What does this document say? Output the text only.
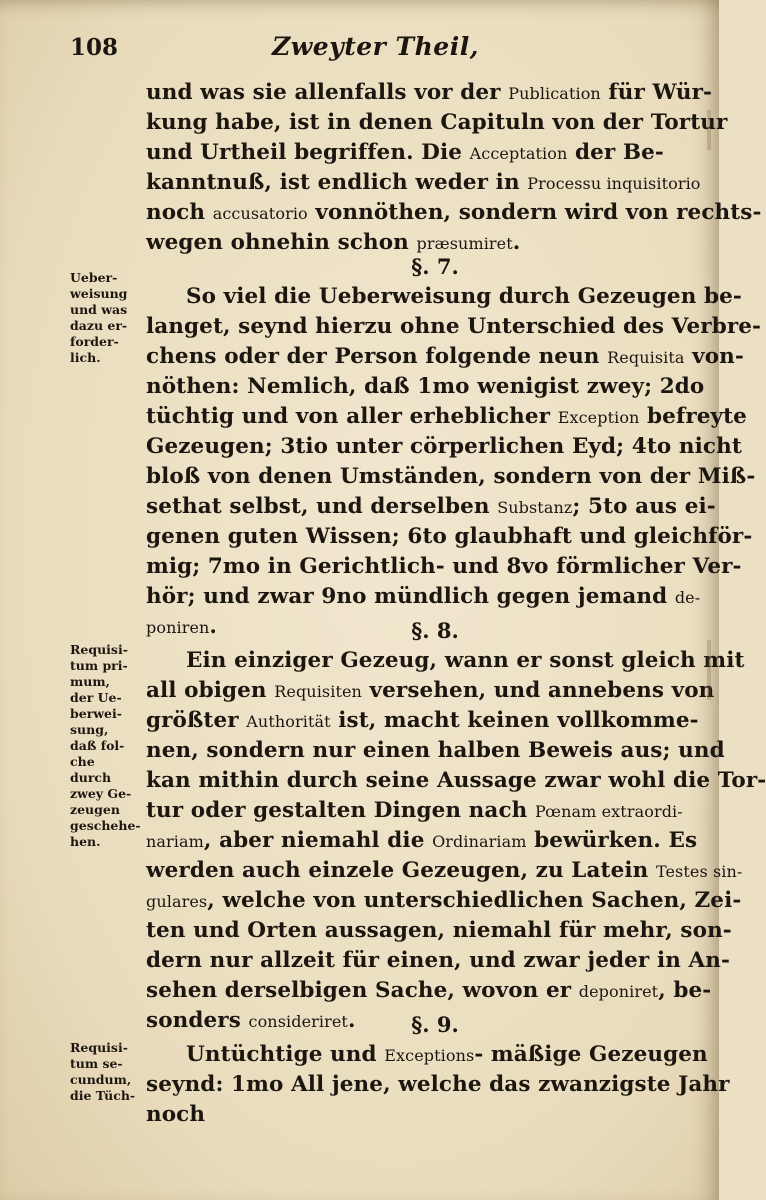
108	Zweyter Theil,
und was sie allenfalls vor der Publication für Wür-
kung habe, ist in denen Capituln von der Tortur
und Urtheil begriffen. Die Acceptation der Be-
kanntnuß, ist endlich weder in Processu inquisitorio
noch accusatorio vonnöthen, sondern wird von rechts-
wegen ohnehin schon præsumiret.
§. 7.
So viel die Ueberweisung durch Gezeugen be-
langet, seynd hierzu ohne Unterschied des Verbre-
chens oder der Person folgende neun Requisita von-
nöthen: Nemlich, daß 1mo wenigist zwey; 2do
tüchtig und von aller erheblicher Exception befreyte
Gezeugen; 3tio unter cörperlichen Eyd; 4to nicht
bloß von denen Umständen, sondern von der Miß-
sethat selbst, und derselben Substanz; 5to aus ei-
genen guten Wissen; 6to glaubhaft und gleichför-
mig; 7mo in Gerichtlich- und 8vo förmlicher Ver-
hör; und zwar 9no mündlich gegen jemand de-
poniren.
Ueber-
weisung
und was
dazu er-
forder-
lich.
§. 8.
Ein einziger Gezeug, wann er sonst gleich mit
all obigen Requisiten versehen, und annebens von
größter Authorität ist, macht keinen vollkomme-
nen, sondern nur einen halben Beweis aus; und
kan mithin durch seine Aussage zwar wohl die Tor-
tur oder gestalten Dingen nach Pœnam extraordi-
nariam, aber niemahl die Ordinariam bewürken. Es
werden auch einzele Gezeugen, zu Latein Testes sin-
gulares, welche von unterschiedlichen Sachen, Zei-
ten und Orten aussagen, niemahl für mehr, son-
dern nur allzeit für einen, und zwar jeder in An-
sehen derselbigen Sache, wovon er deponiret, be-
sonders consideriret.
Requisi-
tum pri-
mum,
der Ue-
berwei-
sung,
daß fol-
che
durch
zwey Ge-
zeugen
geschehe-
hen.
§. 9.
Untüchtige und Exceptions- mäßige Gezeugen
seynd: 1mo All jene, welche das zwanzigste Jahr
noch
Requisi-
tum se-
cundum,
die Tüch-
